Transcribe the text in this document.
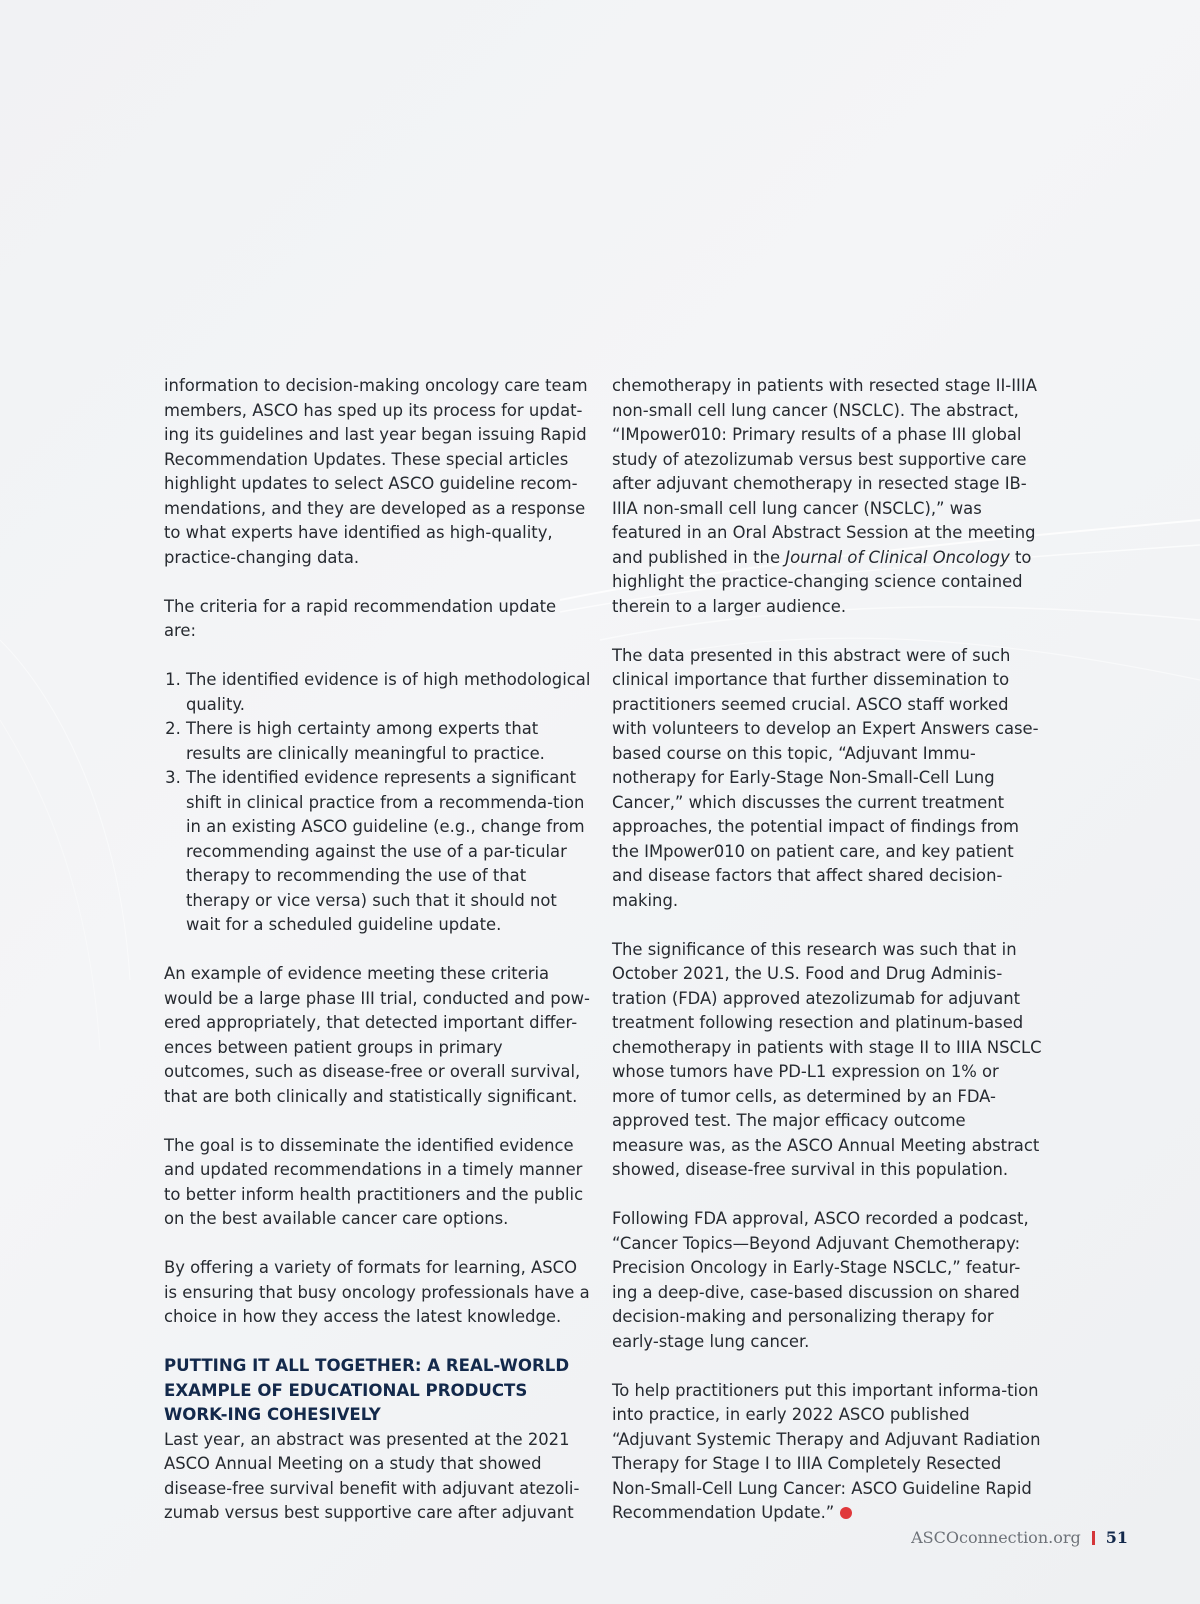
information to decision-making oncology care team members, ASCO has sped up its process for updat-ing its guidelines and last year began issuing Rapid Recommendation Updates. These special articles highlight updates to select ASCO guideline recom-mendations, and they are developed as a response to what experts have identified as high-quality, practice-changing data.

The criteria for a rapid recommendation update are:

1. The identified evidence is of high methodological quality.
2. There is high certainty among experts that results are clinically meaningful to practice.
3. The identified evidence represents a significant shift in clinical practice from a recommenda-tion in an existing ASCO guideline (e.g., change from recommending against the use of a par-ticular therapy to recommending the use of that therapy or vice versa) such that it should not wait for a scheduled guideline update.

An example of evidence meeting these criteria would be a large phase III trial, conducted and pow-ered appropriately, that detected important differ-ences between patient groups in primary outcomes, such as disease-free or overall survival, that are both clinically and statistically significant.

The goal is to disseminate the identified evidence and updated recommendations in a timely manner to better inform health practitioners and the public on the best available cancer care options.

By offering a variety of formats for learning, ASCO is ensuring that busy oncology professionals have a choice in how they access the latest knowledge.

PUTTING IT ALL TOGETHER: A REAL-WORLD EXAMPLE OF EDUCATIONAL PRODUCTS WORK-ING COHESIVELY

Last year, an abstract was presented at the 2021 ASCO Annual Meeting on a study that showed disease-free survival benefit with adjuvant atezoli-zumab versus best supportive care after adjuvant

chemotherapy in patients with resected stage II-IIIA non-small cell lung cancer (NSCLC). The abstract, “IMpower010: Primary results of a phase III global study of atezolizumab versus best supportive care after adjuvant chemotherapy in resected stage IB-IIIA non-small cell lung cancer (NSCLC),” was featured in an Oral Abstract Session at the meeting and published in the Journal of Clinical Oncology to highlight the practice-changing science contained therein to a larger audience.

The data presented in this abstract were of such clinical importance that further dissemination to practitioners seemed crucial. ASCO staff worked with volunteers to develop an Expert Answers case-based course on this topic, “Adjuvant Immu-notherapy for Early-Stage Non-Small-Cell Lung Cancer,” which discusses the current treatment approaches, the potential impact of findings from the IMpower010 on patient care, and key patient and disease factors that affect shared decision-making.

The significance of this research was such that in October 2021, the U.S. Food and Drug Adminis-tration (FDA) approved atezolizumab for adjuvant treatment following resection and platinum-based chemotherapy in patients with stage II to IIIA NSCLC whose tumors have PD-L1 expression on 1% or more of tumor cells, as determined by an FDA-approved test. The major efficacy outcome measure was, as the ASCO Annual Meeting abstract showed, disease-free survival in this population.

Following FDA approval, ASCO recorded a podcast, “Cancer Topics—Beyond Adjuvant Chemotherapy: Precision Oncology in Early-Stage NSCLC,” featur-ing a deep-dive, case-based discussion on shared decision-making and personalizing therapy for early-stage lung cancer.

To help practitioners put this important informa-tion into practice, in early 2022 ASCO published “Adjuvant Systemic Therapy and Adjuvant Radiation Therapy for Stage I to IIIA Completely Resected Non-Small-Cell Lung Cancer: ASCO Guideline Rapid Recommendation Update.”

ASCOconnection.org 51
